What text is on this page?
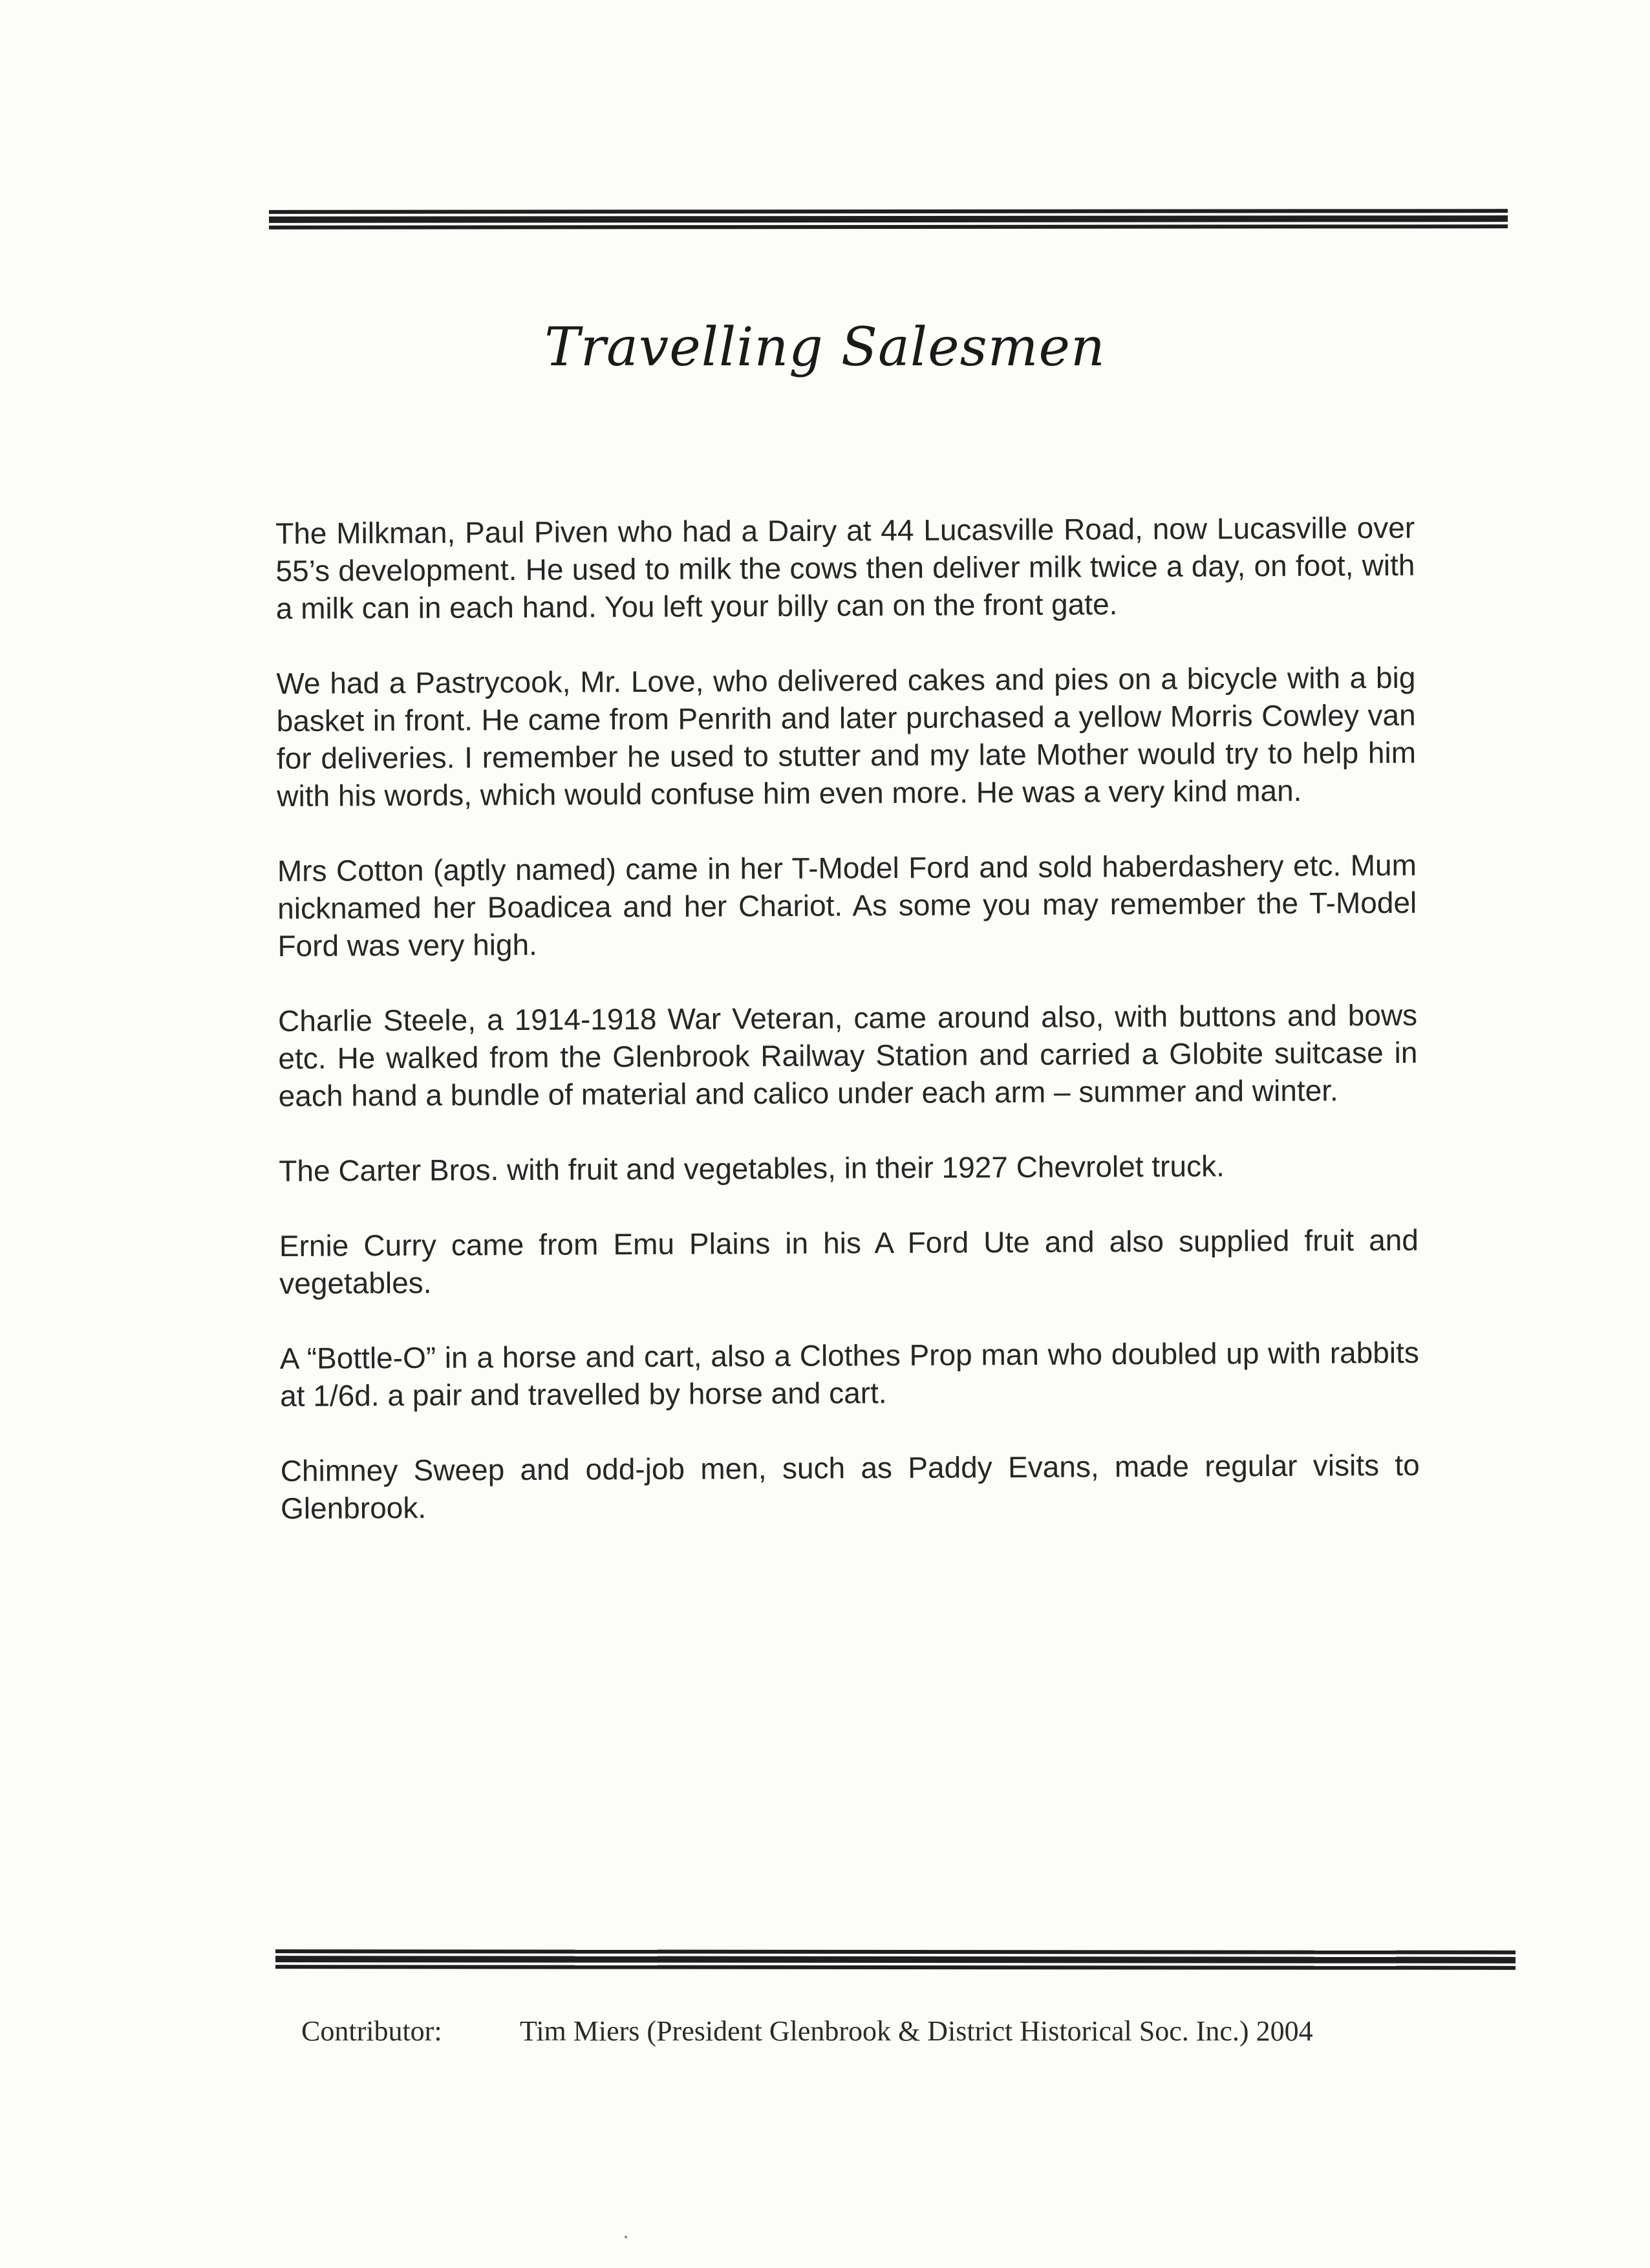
Travelling Salesmen

The Milkman, Paul Piven who had a Dairy at 44 Lucasville Road, now Lucasville over 55’s development. He used to milk the cows then deliver milk twice a day, on foot, with a milk can in each hand. You left your billy can on the front gate.

We had a Pastrycook, Mr. Love, who delivered cakes and pies on a bicycle with a big basket in front. He came from Penrith and later purchased a yellow Morris Cowley van for deliveries. I remember he used to stutter and my late Mother would try to help him with his words, which would confuse him even more. He was a very kind man.

Mrs Cotton (aptly named) came in her T-Model Ford and sold haberdashery etc. Mum nicknamed her Boadicea and her Chariot. As some you may remember the T-Model Ford was very high.

Charlie Steele, a 1914-1918 War Veteran, came around also, with buttons and bows etc. He walked from the Glenbrook Railway Station and carried a Globite suitcase in each hand a bundle of material and calico under each arm – summer and winter.

The Carter Bros. with fruit and vegetables, in their 1927 Chevrolet truck.

Ernie Curry came from Emu Plains in his A Ford Ute and also supplied fruit and vegetables.

A “Bottle-O” in a horse and cart, also a Clothes Prop man who doubled up with rabbits at 1/6d. a pair and travelled by horse and cart.

Chimney Sweep and odd-job men, such as Paddy Evans, made regular visits to Glenbrook.

Contributor:	Tim Miers (President Glenbrook & District Historical Soc. Inc.) 2004
